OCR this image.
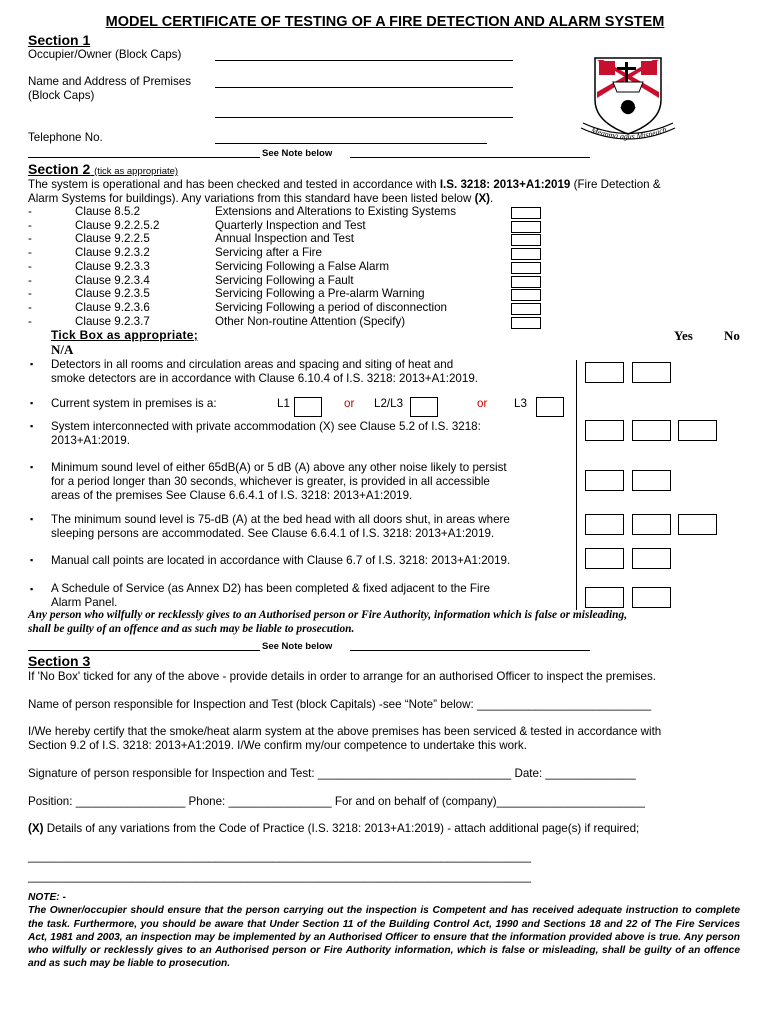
MODEL CERTIFICATE OF TESTING OF A FIRE DETECTION AND ALARM SYSTEM
Section 1
Occupier/Owner (Block Caps)
Name and Address of Premises
(Block Caps)
Telephone No.
See Note below
Meanma agus Misneach
Section 2 (tick as appropriate)
The system is operational and has been checked and tested in accordance with I.S. 3218: 2013+A1:2019 (Fire Detection &
Alarm Systems for buildings). Any variations from this standard have been listed below (X).
-	Clause 8.5.2	Extensions and Alterations to Existing Systems
-	Clause 9.2.2.5.2	Quarterly Inspection and Test
-	Clause 9.2.2.5	Annual Inspection and Test
-	Clause 9.2.3.2	Servicing after a Fire
-	Clause 9.2.3.3	Servicing Following a False Alarm
-	Clause 9.2.3.4	Servicing Following a Fault
-	Clause 9.2.3.5	Servicing Following a Pre-alarm Warning
-	Clause 9.2.3.6	Servicing Following a period of disconnection
-	Clause 9.2.3.7	Other Non-routine Attention (Specify)
Tick Box as appropriate;	Yes No
N/A
▪ Detectors in all rooms and circulation areas and spacing and siting of heat and
smoke detectors are in accordance with Clause 6.10.4 of I.S. 3218: 2013+A1:2019.
▪ Current system in premises is a:	L1	or L2/L3	or L3
▪ System interconnected with private accommodation (X) see Clause 5.2 of I.S. 3218:
2013+A1:2019.
▪ Minimum sound level of either 65dB(A) or 5 dB (A) above any other noise likely to persist
for a period longer than 30 seconds, whichever is greater, is provided in all accessible
areas of the premises See Clause 6.6.4.1 of I.S. 3218: 2013+A1:2019.
▪ The minimum sound level is 75-dB (A) at the bed head with all doors shut, in areas where
sleeping persons are accommodated. See Clause 6.6.4.1 of I.S. 3218: 2013+A1:2019.
▪ Manual call points are located in accordance with Clause 6.7 of I.S. 3218: 2013+A1:2019.
▪ A Schedule of Service (as Annex D2) has been completed & fixed adjacent to the Fire
Alarm Panel.
Any person who wilfully or recklessly gives to an Authorised person or Fire Authority, information which is false or misleading,
shall be guilty of an offence and as such may be liable to prosecution.
See Note below
Section 3
If 'No Box' ticked for any of the above - provide details in order to arrange for an authorised Officer to inspect the premises.
Name of person responsible for Inspection and Test (block Capitals) -see “Note” below: ___________________________
I/We hereby certify that the smoke/heat alarm system at the above premises has been serviced & tested in accordance with
Section 9.2 of I.S. 3218: 2013+A1:2019. I/We confirm my/our competence to undertake this work.
Signature of person responsible for Inspection and Test: ______________________________ Date: ______________
Position: _________________ Phone: ________________ For and on behalf of (company)_______________________
(X) Details of any variations from the Code of Practice (I.S. 3218: 2013+A1:2019) - attach additional page(s) if required;
______________________________________________________________________________
______________________________________________________________________________
NOTE: -
The Owner/occupier should ensure that the person carrying out the inspection is Competent and has received adequate instruction to complete the task. Furthermore, you should be aware that Under Section 11 of the Building Control Act, 1990 and Sections 18 and 22 of The Fire Services Act, 1981 and 2003, an inspection may be implemented by an Authorised Officer to ensure that the information provided above is true. Any person who wilfully or recklessly gives to an Authorised person or Fire Authority information, which is false or misleading, shall be guilty of an offence and as such may be liable to prosecution.
